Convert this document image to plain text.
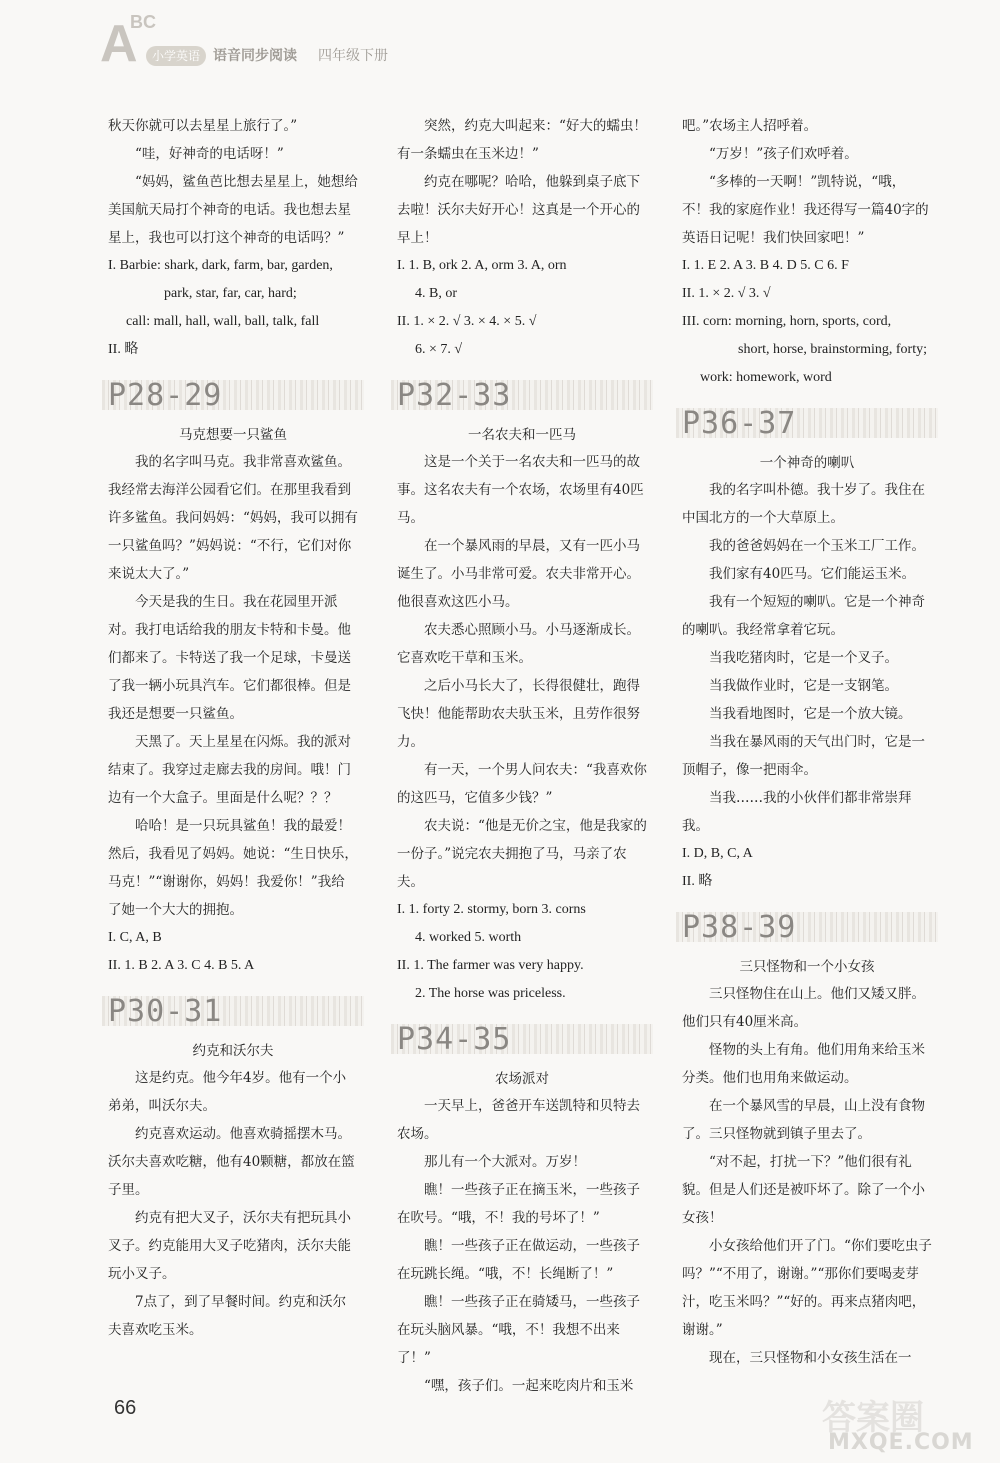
A
BC
小学英语 语音同步阅读 四年级下册

秋天你就可以去星星上旅行了。”

“哇，好神奇的电话呀！”

“妈妈，鲨鱼芭比想去星星上，她想给美国航天局打个神奇的电话。我也想去星星上，我也可以打这个神奇的电话吗？”

I. Barbie: shark, dark, farm, bar, garden,

park, star, far, car, hard;

call: mall, hall, wall, ball, talk, fall

II. 略

P28-29

马克想要一只鲨鱼

我的名字叫马克。我非常喜欢鲨鱼。我经常去海洋公园看它们。在那里我看到许多鲨鱼。我问妈妈：“妈妈，我可以拥有一只鲨鱼吗？”妈妈说：“不行，它们对你来说太大了。”

今天是我的生日。我在花园里开派对。我打电话给我的朋友卡特和卡曼。他们都来了。卡特送了我一个足球，卡曼送了我一辆小玩具汽车。它们都很棒。但是我还是想要一只鲨鱼。

天黑了。天上星星在闪烁。我的派对结束了。我穿过走廊去我的房间。哦！门边有一个大盒子。里面是什么呢？？？

哈哈！是一只玩具鲨鱼！我的最爱！然后，我看见了妈妈。她说：“生日快乐，马克！”“谢谢你，妈妈！我爱你！”我给了她一个大大的拥抱。

I. C, A, B

II. 1. B 2. A 3. C 4. B 5. A

P30-31

约克和沃尔夫

这是约克。他今年4岁。他有一个小弟弟，叫沃尔夫。

约克喜欢运动。他喜欢骑摇摆木马。沃尔夫喜欢吃糖，他有40颗糖，都放在篮子里。

约克有把大叉子，沃尔夫有把玩具小叉子。约克能用大叉子吃猪肉，沃尔夫能玩小叉子。

7点了，到了早餐时间。约克和沃尔夫喜欢吃玉米。

突然，约克大叫起来：“好大的蠕虫！有一条蠕虫在玉米边！”

约克在哪呢？哈哈，他躲到桌子底下去啦！沃尔夫好开心！这真是一个开心的早上！

I. 1. B, ork 2. A, orm 3. A, orn

4. B, or

II. 1. × 2. √ 3. × 4. × 5. √

6. × 7. √

P32-33

一名农夫和一匹马

这是一个关于一名农夫和一匹马的故事。这名农夫有一个农场，农场里有40匹马。

在一个暴风雨的早晨，又有一匹小马诞生了。小马非常可爱。农夫非常开心。他很喜欢这匹小马。

农夫悉心照顾小马。小马逐渐成长。它喜欢吃干草和玉米。

之后小马长大了，长得很健壮，跑得飞快！他能帮助农夫驮玉米，且劳作很努力。

有一天，一个男人问农夫：“我喜欢你的这匹马，它值多少钱？”

农夫说：“他是无价之宝，他是我家的一份子。”说完农夫拥抱了马，马亲了农夫。

I. 1. forty 2. stormy, born 3. corns

4. worked 5. worth

II. 1. The farmer was very happy.

2. The horse was priceless.

P34-35

农场派对

一天早上，爸爸开车送凯特和贝特去农场。

那儿有一个大派对。万岁！

瞧！一些孩子正在摘玉米，一些孩子在吹号。“哦，不！我的号坏了！”

瞧！一些孩子正在做运动，一些孩子在玩跳长绳。“哦，不！长绳断了！”

瞧！一些孩子正在骑矮马，一些孩子在玩头脑风暴。“哦，不！我想不出来了！”

“嘿，孩子们。一起来吃肉片和玉米

吧。”农场主人招呼着。

“万岁！”孩子们欢呼着。

“多棒的一天啊！”凯特说，“哦，不！我的家庭作业！我还得写一篇40字的英语日记呢！我们快回家吧！”

I. 1. E 2. A 3. B 4. D 5. C 6. F

II. 1. × 2. √ 3. √

III. corn: morning, horn, sports, cord,

short, horse, brainstorming, forty;

work: homework, word

P36-37

一个神奇的喇叭

我的名字叫朴德。我十岁了。我住在中国北方的一个大草原上。

我的爸爸妈妈在一个玉米工厂工作。

我们家有40匹马。它们能运玉米。

我有一个短短的喇叭。它是一个神奇的喇叭。我经常拿着它玩。

当我吃猪肉时，它是一个叉子。

当我做作业时，它是一支钢笔。

当我看地图时，它是一个放大镜。

当我在暴风雨的天气出门时，它是一顶帽子，像一把雨伞。

当我……我的小伙伴们都非常崇拜我。

I. D, B, C, A

II. 略

P38-39

三只怪物和一个小女孩

三只怪物住在山上。他们又矮又胖。他们只有40厘米高。

怪物的头上有角。他们用角来给玉米分类。他们也用角来做运动。

在一个暴风雪的早晨，山上没有食物了。三只怪物就到镇子里去了。

“对不起，打扰一下？”他们很有礼貌。但是人们还是被吓坏了。除了一个小女孩！

小女孩给他们开了门。“你们要吃虫子吗？”“不用了，谢谢。”“那你们要喝麦芽汁，吃玉米吗？”“好的。再来点猪肉吧，谢谢。”

现在，三只怪物和小女孩生活在一

66	答案圈
MXQE.COM
